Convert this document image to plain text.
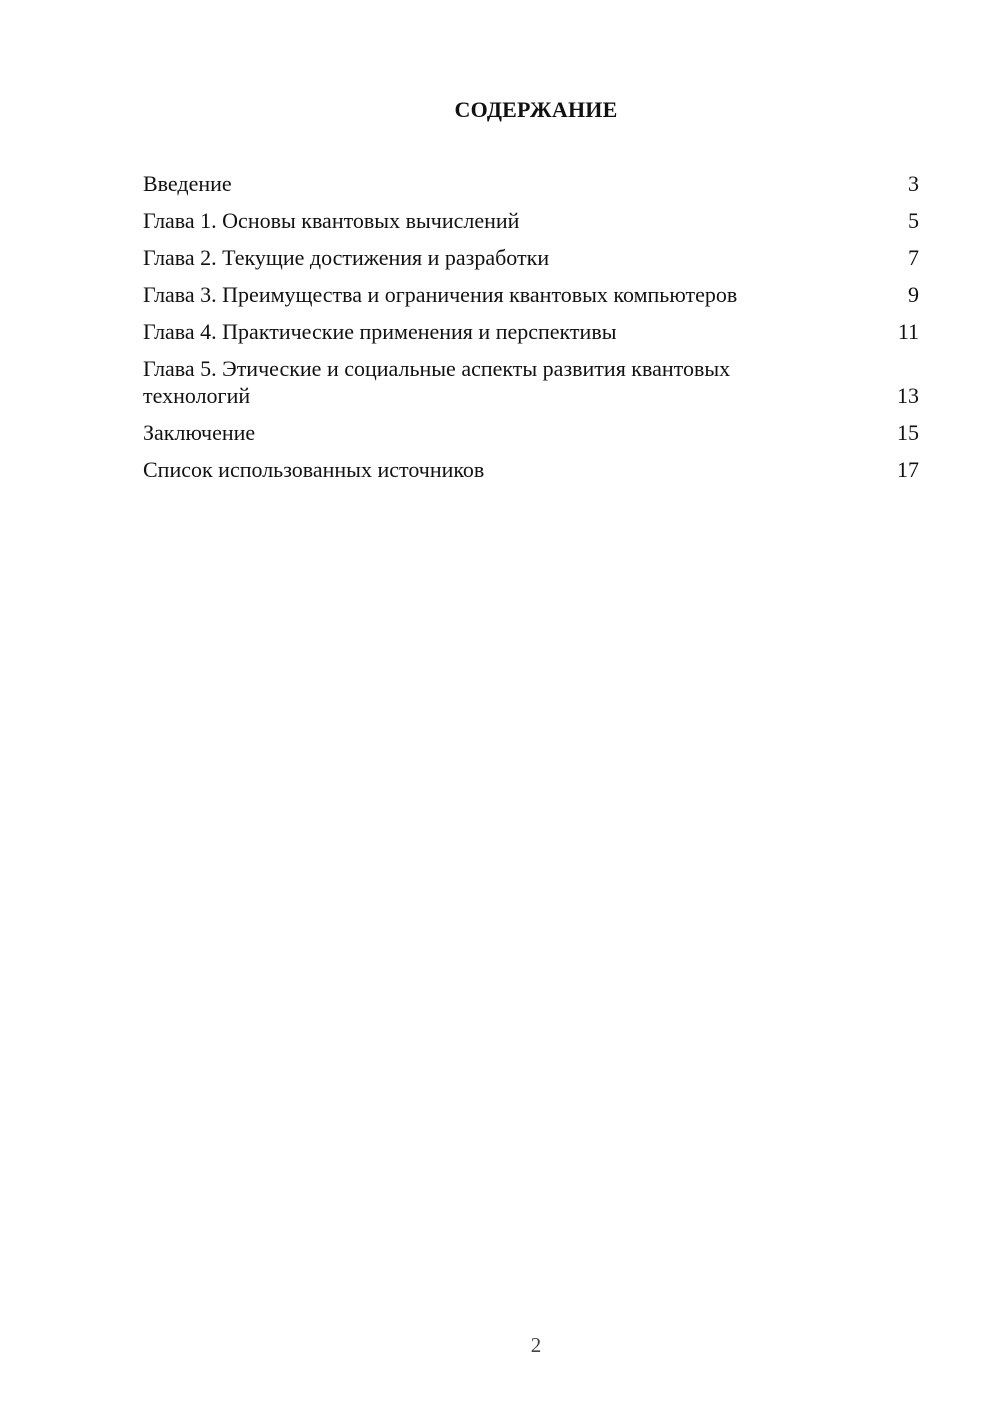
СОДЕРЖАНИЕ
Введение	3
Глава 1. Основы квантовых вычислений	5
Глава 2. Текущие достижения и разработки	7
Глава 3. Преимущества и ограничения квантовых компьютеров	9
Глава 4. Практические применения и перспективы	11
Глава 5. Этические и социальные аспекты развития квантовых технологий	13
Заключение	15
Список использованных источников	17
2
